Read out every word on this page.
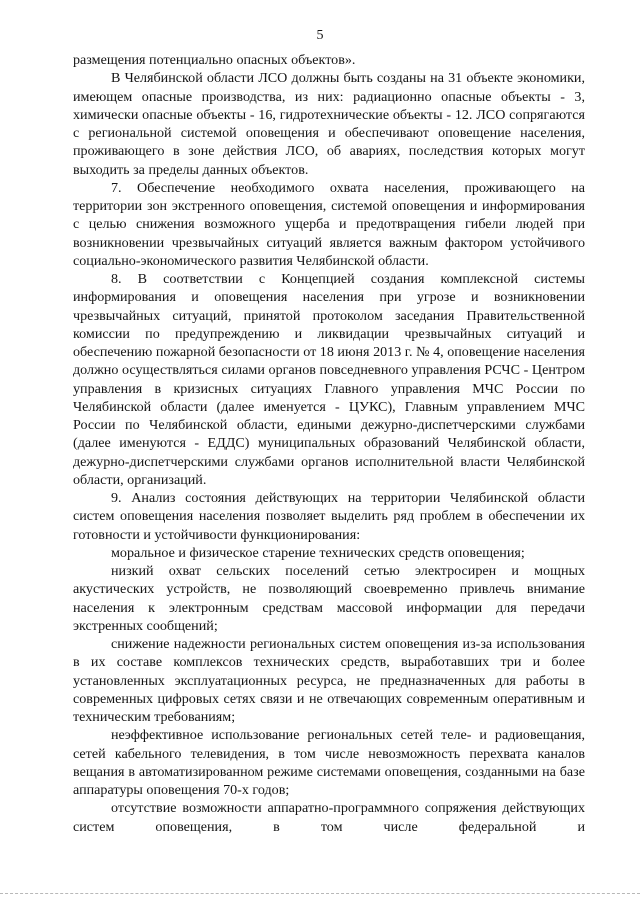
5

размещения потенциально опасных объектов».

В Челябинской области ЛСО должны быть созданы на 31 объекте экономики, имеющем опасные производства, из них: радиационно опасные объекты - 3, химически опасные объекты - 16, гидротехнические объекты - 12. ЛСО сопрягаются с региональной системой оповещения и обеспечивают оповещение населения, проживающего в зоне действия ЛСО, об авариях, последствия которых могут выходить за пределы данных объектов.

7. Обеспечение необходимого охвата населения, проживающего на территории зон экстренного оповещения, системой оповещения и информирования с целью снижения возможного ущерба и предотвращения гибели людей при возникновении чрезвычайных ситуаций является важным фактором устойчивого социально-экономического развития Челябинской области.

8. В соответствии с Концепцией создания комплексной системы информирования и оповещения населения при угрозе и возникновении чрезвычайных ситуаций, принятой протоколом заседания Правительственной комиссии по предупреждению и ликвидации чрезвычайных ситуаций и обеспечению пожарной безопасности от 18 июня 2013 г. № 4, оповещение населения должно осуществляться силами органов повседневного управления РСЧС - Центром управления в кризисных ситуациях Главного управления МЧС России по Челябинской области (далее именуется - ЦУКС), Главным управлением МЧС России по Челябинской области, едиными дежурно-диспетчерскими службами (далее именуются - ЕДДС) муниципальных образований Челябинской области, дежурно-диспетчерскими службами органов исполнительной власти Челябинской области, организаций.

9. Анализ состояния действующих на территории Челябинской области систем оповещения населения позволяет выделить ряд проблем в обеспечении их готовности и устойчивости функционирования:

моральное и физическое старение технических средств оповещения;

низкий охват сельских поселений сетью электросирен и мощных акустических устройств, не позволяющий своевременно привлечь внимание населения к электронным средствам массовой информации для передачи экстренных сообщений;

снижение надежности региональных систем оповещения из-за использования в их составе комплексов технических средств, выработавших три и более установленных эксплуатационных ресурса, не предназначенных для работы в современных цифровых сетях связи и не отвечающих современным оперативным и техническим требованиям;

неэффективное использование региональных сетей теле- и радиовещания, сетей кабельного телевидения, в том числе невозможность перехвата каналов вещания в автоматизированном режиме системами оповещения, созданными на базе аппаратуры оповещения 70-х годов;

отсутствие возможности аппаратно-программного сопряжения действующих систем оповещения, в том числе федеральной и
